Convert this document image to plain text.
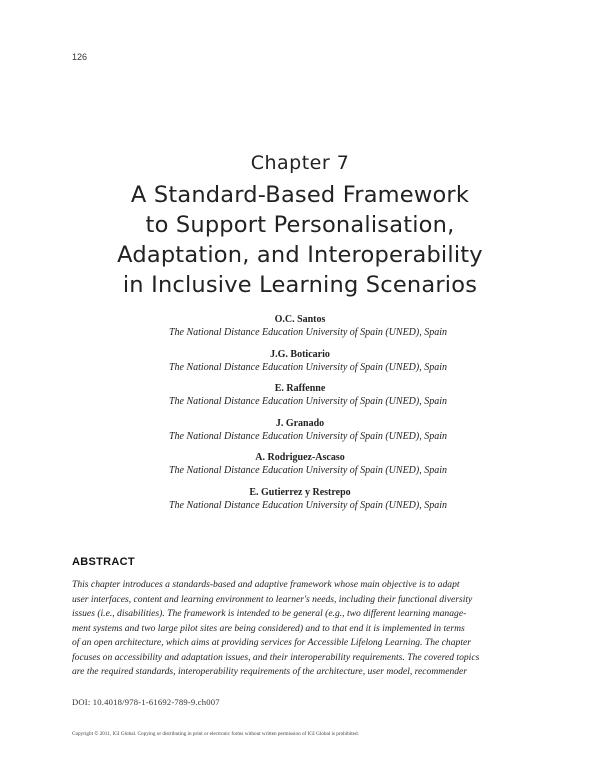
126
Chapter 7
A Standard-Based Framework
to Support Personalisation,
Adaptation, and Interoperability
in Inclusive Learning Scenarios
O.C. Santos
The National Distance Education University of Spain (UNED), Spain
J.G. Boticario
The National Distance Education University of Spain (UNED), Spain
E. Raffenne
The National Distance Education University of Spain (UNED), Spain
J. Granado
The National Distance Education University of Spain (UNED), Spain
A. Rodriguez-Ascaso
The National Distance Education University of Spain (UNED), Spain
E. Gutierrez y Restrepo
The National Distance Education University of Spain (UNED), Spain
ABSTRACT
This chapter introduces a standards-based and adaptive framework whose main objective is to adapt
user interfaces, content and learning environment to learner's needs, including their functional diversity
issues (i.e., disabilities). The framework is intended to be general (e.g., two different learning manage-
ment systems and two large pilot sites are being considered) and to that end it is implemented in terms
of an open architecture, which aims at providing services for Accessible Lifelong Learning. The chapter
focuses on accessibility and adaptation issues, and their interoperability requirements. The covered topics
are the required standards, interoperability requirements of the architecture, user model, recommender
DOI: 10.4018/978-1-61692-789-9.ch007
Copyright © 2011, IGI Global. Copying or distributing in print or electronic forms without written permission of IGI Global is prohibited.
